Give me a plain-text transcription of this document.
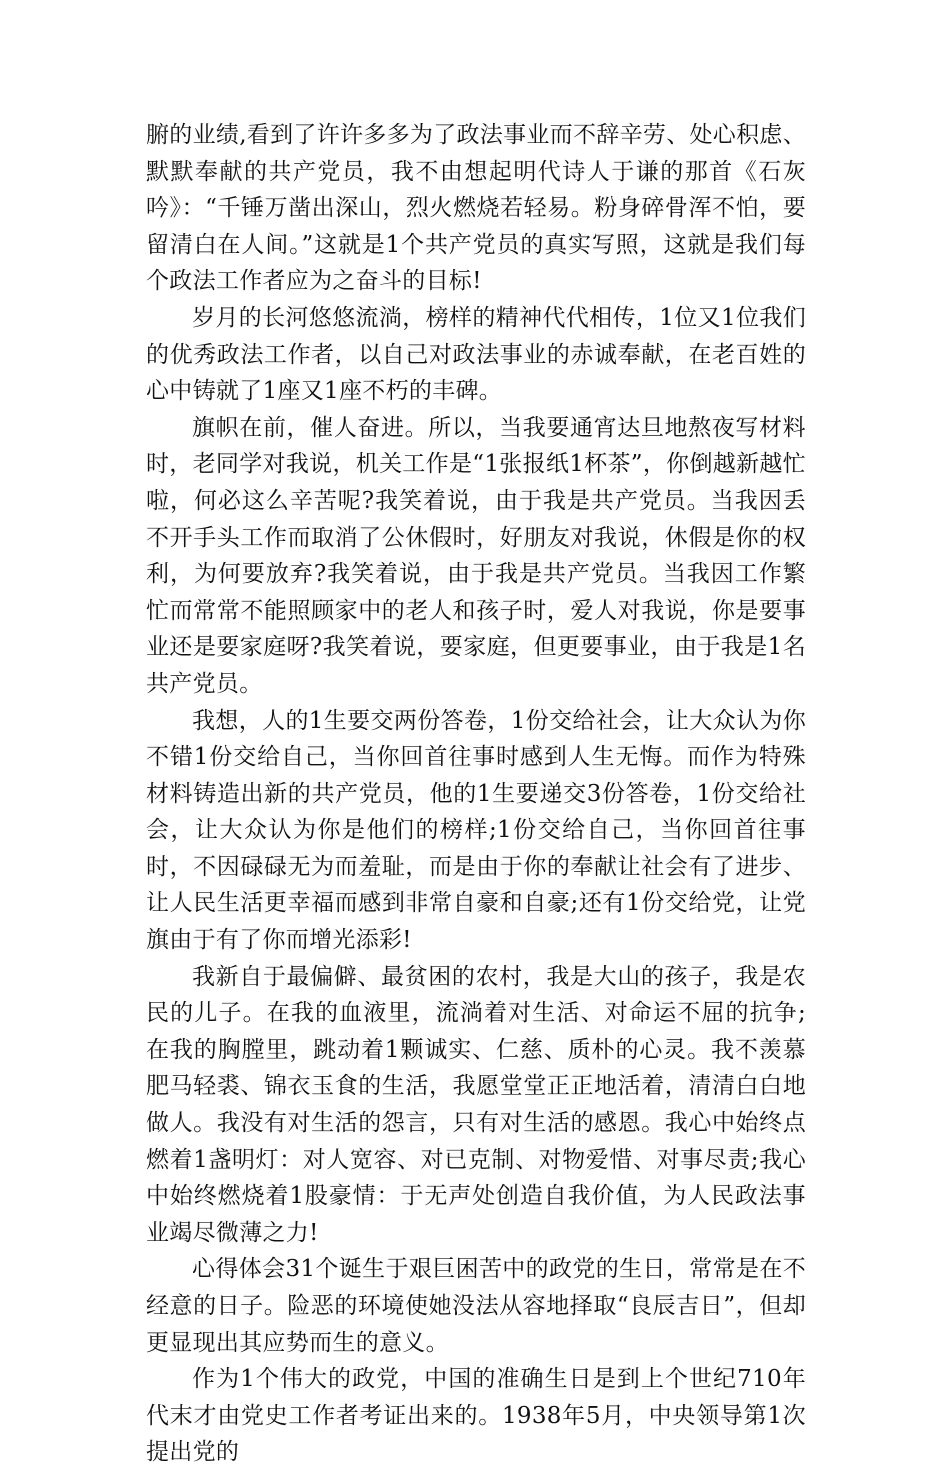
腑的业绩,看到了许许多多为了政法事业而不辞辛劳、处心积虑、默默奉献的共产党员，我不由想起明代诗人于谦的那首《石灰吟》：“千锤万凿出深山，烈火燃烧若轻易。粉身碎骨浑不怕，要留清白在人间。”这就是1个共产党员的真实写照，这就是我们每个政法工作者应为之奋斗的目标!

岁月的长河悠悠流淌，榜样的精神代代相传，1位又1位我们的优秀政法工作者，以自己对政法事业的赤诚奉献，在老百姓的心中铸就了1座又1座不朽的丰碑。

旗帜在前，催人奋进。所以，当我要通宵达旦地熬夜写材料时，老同学对我说，机关工作是“1张报纸1杯茶”，你倒越新越忙啦，何必这么辛苦呢?我笑着说，由于我是共产党员。当我因丢不开手头工作而取消了公休假时，好朋友对我说，休假是你的权利，为何要放弃?我笑着说，由于我是共产党员。当我因工作繁忙而常常不能照顾家中的老人和孩子时，爱人对我说，你是要事业还是要家庭呀?我笑着说，要家庭，但更要事业，由于我是1名共产党员。

我想，人的1生要交两份答卷，1份交给社会，让大众认为你不错1份交给自己，当你回首往事时感到人生无悔。而作为特殊材料铸造出新的共产党员，他的1生要递交3份答卷，1份交给社会，让大众认为你是他们的榜样;1份交给自己，当你回首往事时，不因碌碌无为而羞耻，而是由于你的奉献让社会有了进步、让人民生活更幸福而感到非常自豪和自豪;还有1份交给党，让党旗由于有了你而增光添彩!

我新自于最偏僻、最贫困的农村，我是大山的孩子，我是农民的儿子。在我的血液里，流淌着对生活、对命运不屈的抗争;在我的胸膛里，跳动着1颗诚实、仁慈、质朴的心灵。我不羡慕肥马轻裘、锦衣玉食的生活，我愿堂堂正正地活着，清清白白地做人。我没有对生活的怨言，只有对生活的感恩。我心中始终点燃着1盏明灯：对人宽容、对已克制、对物爱惜、对事尽责;我心中始终燃烧着1股豪情：于无声处创造自我价值，为人民政法事业竭尽微薄之力!

心得体会31个诞生于艰巨困苦中的政党的生日，常常是在不经意的日子。险恶的环境使她没法从容地择取“良辰吉日”，但却更显现出其应势而生的意义。

作为1个伟大的政党，中国的准确生日是到上个世纪710年代末才由党史工作者考证出来的。1938年5月，中央领导第1次提出党的
